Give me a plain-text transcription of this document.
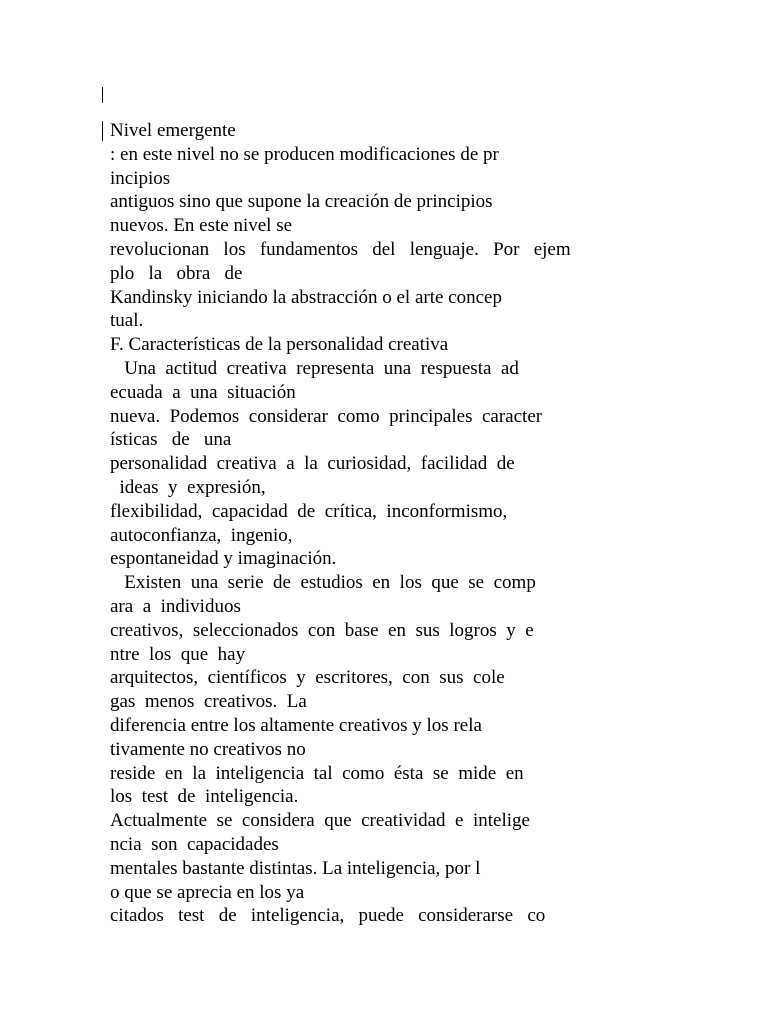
Nivel emergente
: en este nivel no se producen modificaciones de pr
incipios
antiguos sino que supone la creación de principios
nuevos. En este nivel se
revolucionan   los   fundamentos   del   lenguaje.   Por   ejem
plo   la   obra   de
Kandinsky iniciando la abstracción o el arte concep
tual.
F. Características de la personalidad creativa
Una  actitud  creativa  representa  una  respuesta  ad
ecuada  a  una  situación
nueva.  Podemos  considerar  como  principales  caracter
ísticas   de   una
personalidad  creativa  a  la  curiosidad,  facilidad  de
ideas  y  expresión,
flexibilidad,  capacidad  de  crítica,  inconformismo,
autoconfianza,  ingenio,
espontaneidad y imaginación.
Existen  una  serie  de  estudios  en  los  que  se  comp
ara  a  individuos
creativos,  seleccionados  con  base  en  sus  logros  y  e
ntre  los  que  hay
arquitectos,  científicos  y  escritores,  con  sus  cole
gas  menos  creativos.  La
diferencia entre los altamente creativos y los rela
tivamente no creativos no
reside  en  la  inteligencia  tal  como  ésta  se  mide  en
los  test  de  inteligencia.
Actualmente  se  considera  que  creatividad  e  intelige
ncia  son  capacidades
mentales bastante distintas. La inteligencia, por l
o que se aprecia en los ya
citados   test   de   inteligencia,   puede   considerarse   co
